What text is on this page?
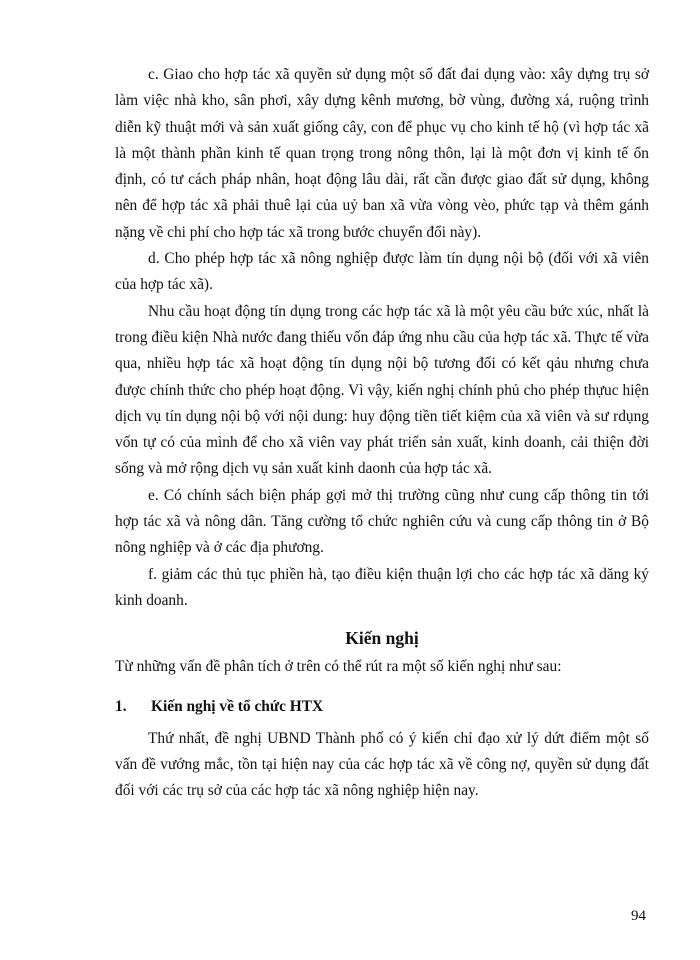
c. Giao cho hợp tác xã quyền sử dụng một số đất đai dụng vào: xây dựng trụ sở làm việc nhà kho, sân phơi, xây dựng kênh mương, bờ vùng, đường xá, ruộng trình diễn kỹ thuật mới và sản xuất giống cây, con để phục vụ cho kinh tế hộ (vì hợp tác xã là một thành phần kinh tế quan trọng trong nông thôn, lại là một đơn vị kinh tế ổn định, có tư cách pháp nhân, hoạt động lâu dài, rất cần được giao đất sử dụng, không nên để hợp tác xã phải thuê lại của uỷ ban xã vừa vòng vèo, phức tạp và thêm gánh nặng về chi phí cho hợp tác xã trong bước chuyển đổi này).

d. Cho phép hợp tác xã nông nghiệp được làm tín dụng nội bộ (đối với xã viên của hợp tác xã).

Nhu cầu hoạt động tín dụng trong các hợp tác xã là một yêu cầu bức xúc, nhất là trong điều kiện Nhà nước đang thiếu vốn đáp ứng nhu cầu của hợp tác xã. Thực tế vừa qua, nhiều hợp tác xã hoạt động tín dụng nội bộ tương đối có kết qảu nhưng chưa được chính thức cho phép hoạt động. Vì vậy, kiến nghị chính phủ cho phép thựuc hiện dịch vụ tín dụng nội bộ với nội dung: huy động tiền tiết kiệm của xã viên và sư rdụng vốn tự có của mình để cho xã viên vay phát triển sản xuất, kinh doanh, cải thiện đời sống và mở rộng dịch vụ sản xuất kinh daonh của hợp tác xã.

e. Có chính sách biện pháp gợi mở thị trường cũng như cung cấp thông tin tới hợp tác xã và nông dân. Tăng cường tổ chức nghiên cứu và cung cấp thông tin ở Bộ nông nghiệp và ở các địa phương.

f. giảm các thủ tục phiền hà, tạo điều kiện thuận lợi cho các hợp tác xã dăng ký kinh doanh.

Kiến nghị

Từ những vấn đề phân tích ở trên có thể rút ra một số kiến nghị như sau:

1.	Kiến nghị về tổ chức HTX

Thứ nhất, đề nghị UBND Thành phố có ý kiến chỉ đạo xử lý dứt điểm một số vấn đề vướng mắc, tồn tại hiện nay của các hợp tác xã về công nợ, quyền sử dụng đất đối với các trụ sở của các hợp tác xã nông nghiệp hiện nay.

94
